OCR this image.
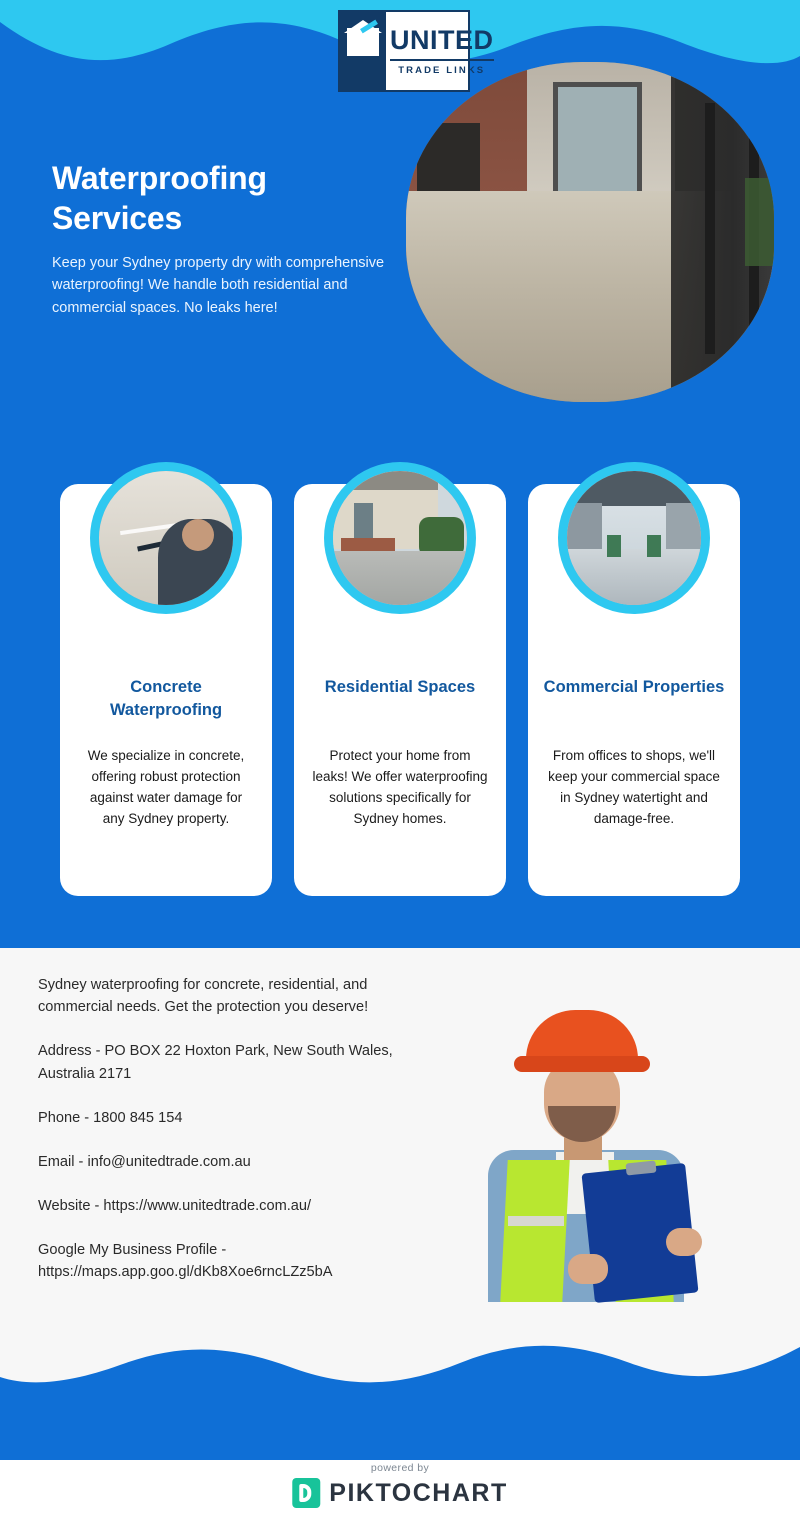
UNITED
TRADE LINKS
Waterproofing Services
Keep your Sydney property dry with comprehensive waterproofing! We handle both residential and commercial spaces. No leaks here!
Concrete Waterproofing
We specialize in concrete, offering robust protection against water damage for any Sydney property.
Residential Spaces
Protect your home from leaks! We offer waterproofing solutions specifically for Sydney homes.
Commercial Properties
From offices to shops, we'll keep your commercial space in Sydney watertight and damage-free.

Sydney waterproofing for concrete, residential, and commercial needs. Get the protection you deserve!

Address - PO BOX 22 Hoxton Park, New South Wales, Australia 2171

Phone - 1800 845 154

Email - info@unitedtrade.com.au

Website - https://www.unitedtrade.com.au/

Google My Business Profile - https://maps.app.goo.gl/dKb8Xoe6rncLZz5bA

powered by
PIKTOCHART
